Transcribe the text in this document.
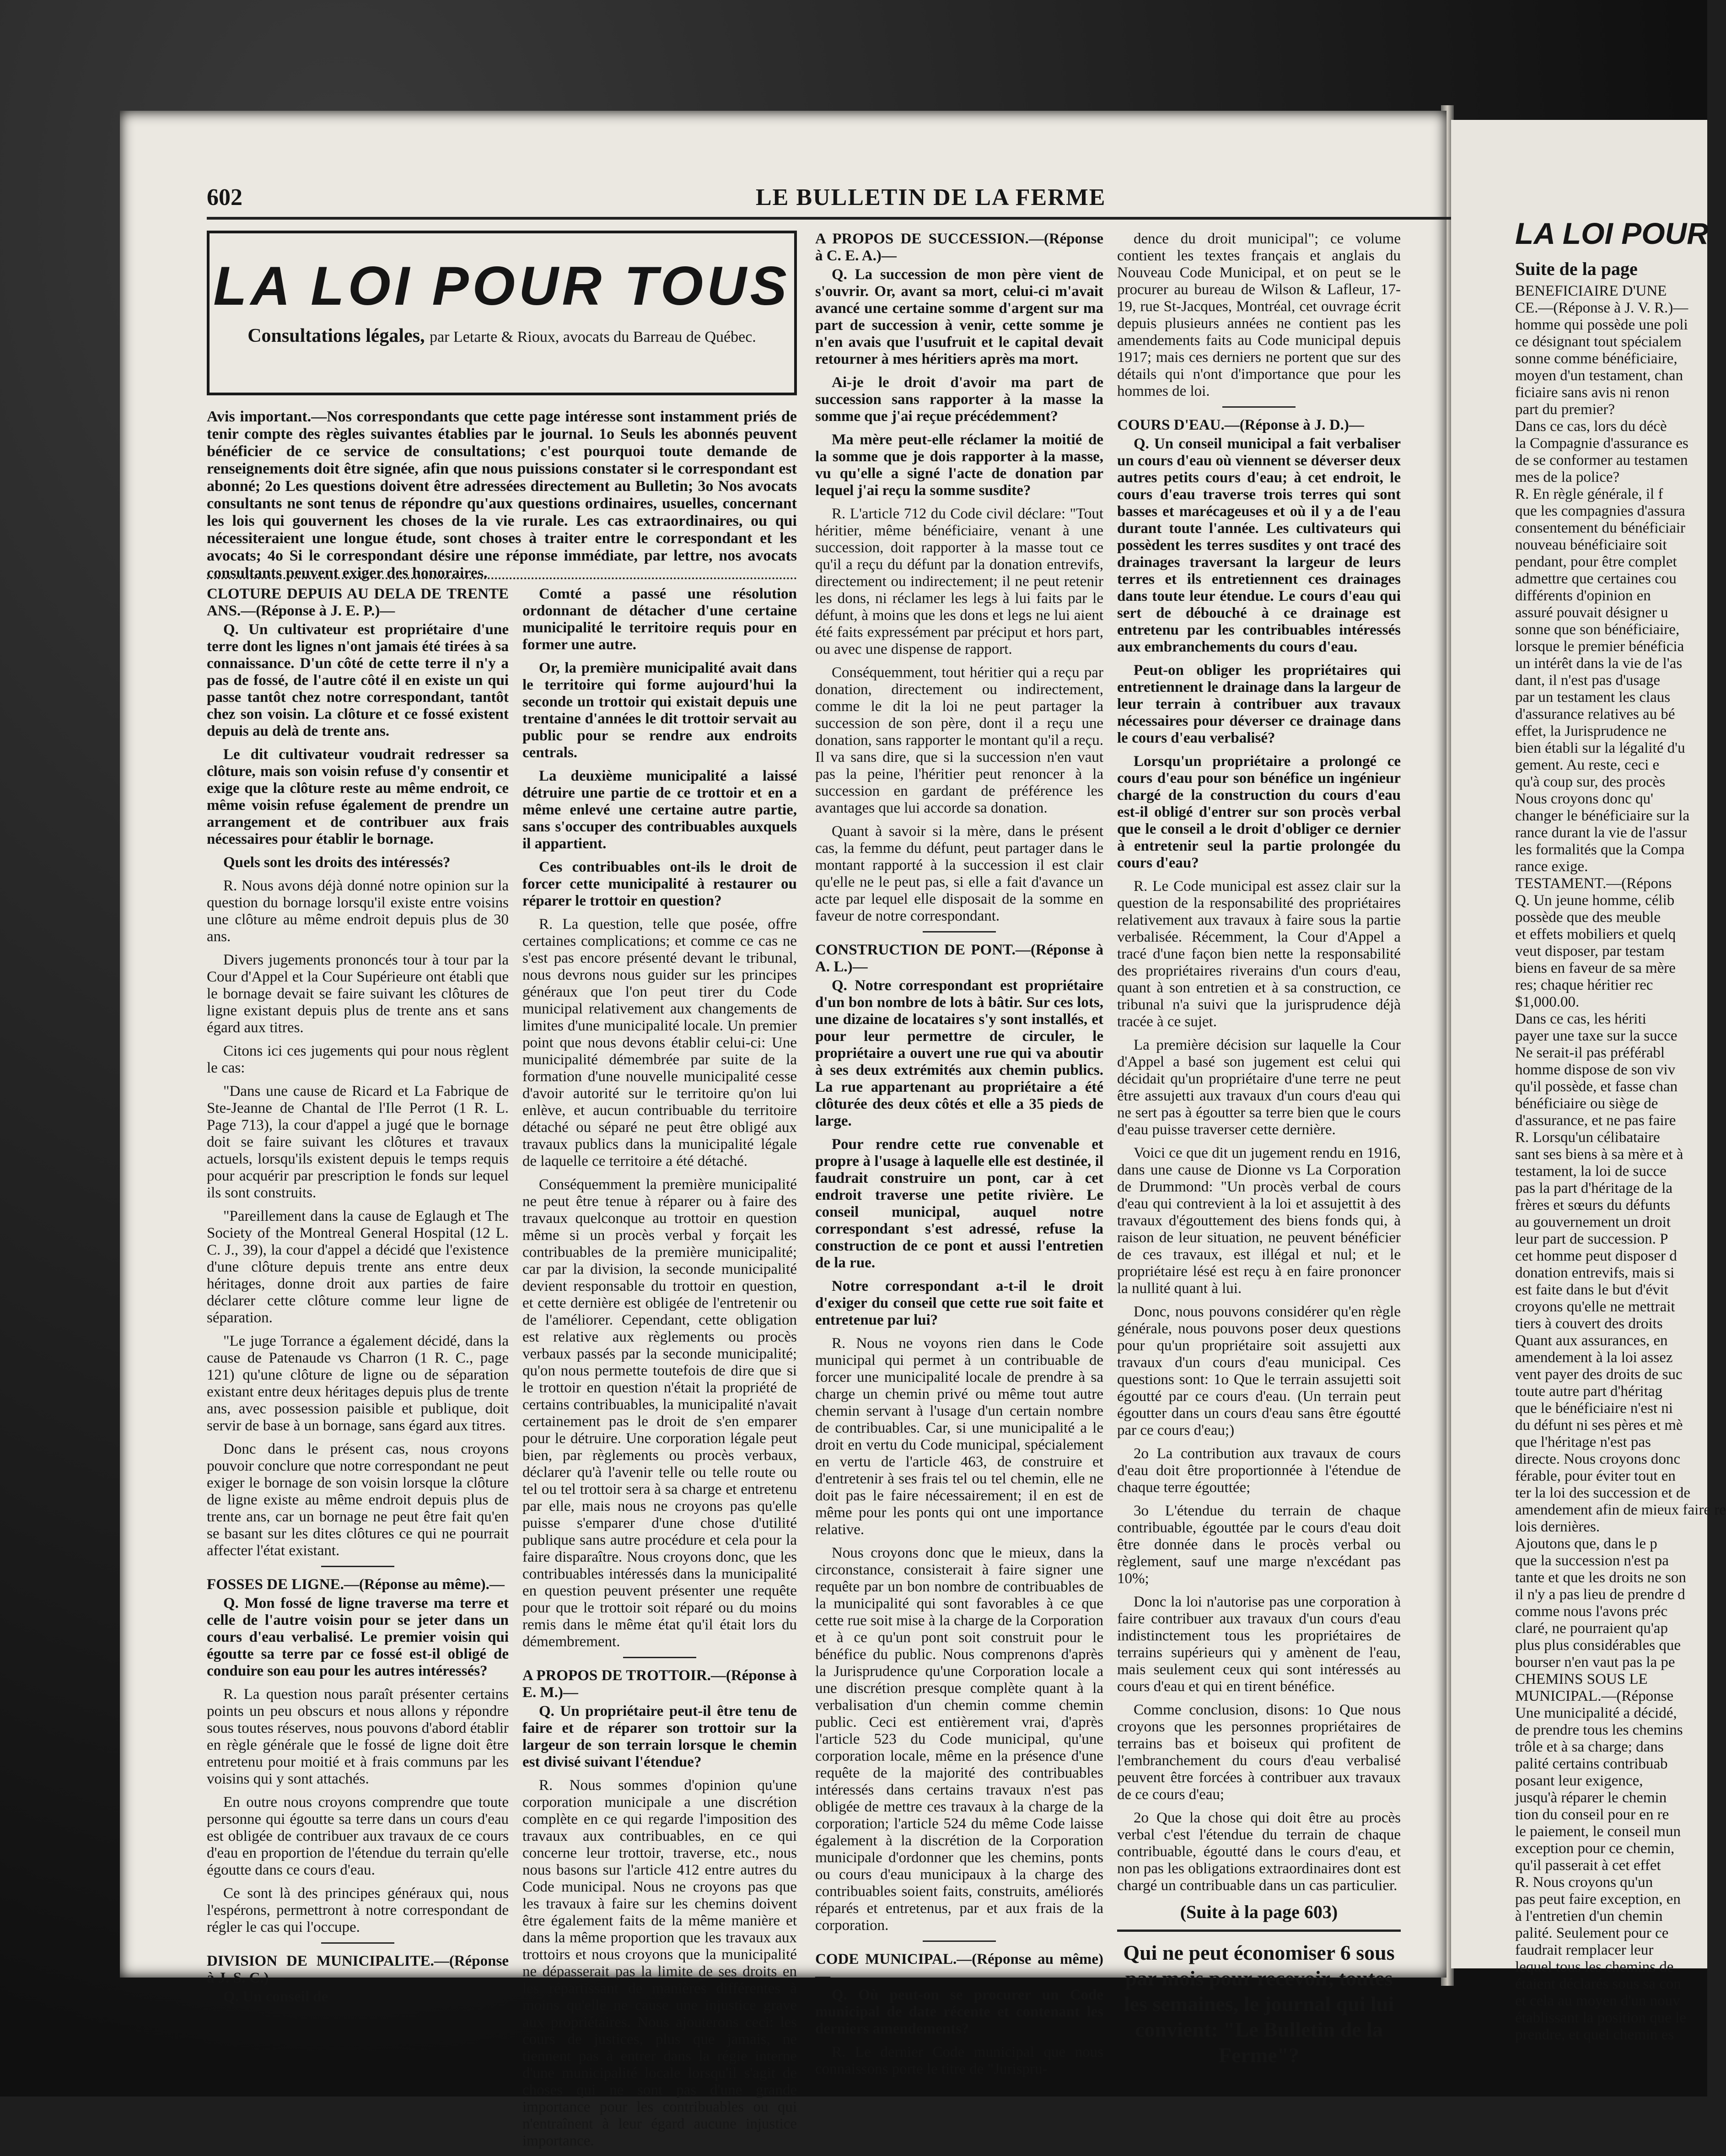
602	LE BULLETIN DE LA FERME
LA LOI POUR TOUS
Consultations légales, par Letarte & Rioux, avocats du Barreau de Québec.
Avis important.—Nos correspondants que cette page intéresse sont instamment priés de tenir compte des règles suivantes établies par le journal. 1o Seuls les abonnés peuvent bénéficier de ce service de consultations; c'est pourquoi toute demande de renseignements doit être signée, afin que nous puissions constater si le correspondant est abonné; 2o Les questions doivent être adressées directement au Bulletin; 3o Nos avocats consultants ne sont tenus de répondre qu'aux questions ordinaires, usuelles, concernant les lois qui gouvernent les choses de la vie rurale. Les cas extraordinaires, ou qui nécessiteraient une longue étude, sont choses à traiter entre le correspondant et les avocats; 4o Si le correspondant désire une réponse immédiate, par lettre, nos avocats consultants peuvent exiger des honoraires.
CLOTURE DEPUIS AU DELA DE TRENTE ANS.—(Réponse à J. E. P.)—

Q. Un cultivateur est propriétaire d'une terre dont les lignes n'ont jamais été tirées à sa connaissance. D'un côté de cette terre il n'y a pas de fossé, de l'autre côté il en existe un qui passe tantôt chez notre correspondant, tantôt chez son voisin. La clôture et ce fossé existent depuis au delà de trente ans.

Le dit cultivateur voudrait redresser sa clôture, mais son voisin refuse d'y consentir et exige que la clôture reste au même endroit, ce même voisin refuse également de prendre un arrangement et de contribuer aux frais nécessaires pour établir le bornage.

Quels sont les droits des intéressés?

R. Nous avons déjà donné notre opinion sur la question du bornage lorsqu'il existe entre voisins une clôture au même endroit depuis plus de 30 ans.

Divers jugements prononcés tour à tour par la Cour d'Appel et la Cour Supérieure ont établi que le bornage devait se faire suivant les clôtures de ligne existant depuis plus de trente ans et sans égard aux titres.

Citons ici ces jugements qui pour nous règlent le cas:

"Dans une cause de Ricard et La Fabrique de Ste-Jeanne de Chantal de l'Ile Perrot (1 R. L. Page 713), la cour d'appel a jugé que le bornage doit se faire suivant les clôtures et travaux actuels, lorsqu'ils existent depuis le temps requis pour acquérir par prescription le fonds sur lequel ils sont construits.

"Pareillement dans la cause de Eglaugh et The Society of the Montreal General Hospital (12 L. C. J., 39), la cour d'appel a décidé que l'existence d'une clôture depuis trente ans entre deux héritages, donne droit aux parties de faire déclarer cette clôture comme leur ligne de séparation.

"Le juge Torrance a également décidé, dans la cause de Patenaude vs Charron (1 R. C., page 121) qu'une clôture de ligne ou de séparation existant entre deux héritages depuis plus de trente ans, avec possession paisible et publique, doit servir de base à un bornage, sans égard aux titres.

Donc dans le présent cas, nous croyons pouvoir conclure que notre correspondant ne peut exiger le bornage de son voisin lorsque la clôture de ligne existe au même endroit depuis plus de trente ans, car un bornage ne peut être fait qu'en se basant sur les dites clôtures ce qui ne pourrait affecter l'état existant.

FOSSES DE LIGNE.—(Réponse au même).—

Q. Mon fossé de ligne traverse ma terre et celle de l'autre voisin pour se jeter dans un cours d'eau verbalisé. Le premier voisin qui égoutte sa terre par ce fossé est-il obligé de conduire son eau pour les autres intéressés?

R. La question nous paraît présenter certains points un peu obscurs et nous allons y répondre sous toutes réserves, nous pouvons d'abord établir en règle générale que le fossé de ligne doit être entretenu pour moitié et à frais communs par les voisins qui y sont attachés.

En outre nous croyons comprendre que toute personne qui égoutte sa terre dans un cours d'eau est obligée de contribuer aux travaux de ce cours d'eau en proportion de l'étendue du terrain qu'elle égoutte dans ce cours d'eau.

Ce sont là des principes généraux qui, nous l'espérons, permettront à notre correspondant de régler le cas qui l'occupe.

DIVISION DE MUNICIPALITE.—(Réponse à J. S. C.)—

Q. Un conseil de

Comté a passé une résolution ordonnant de détacher d'une certaine municipalité le territoire requis pour en former une autre.

Or, la première municipalité avait dans le territoire qui forme aujourd'hui la seconde un trottoir qui existait depuis une trentaine d'années le dit trottoir servait au public pour se rendre aux endroits centrals.

La deuxième municipalité a laissé détruire une partie de ce trottoir et en a même enlevé une certaine autre partie, sans s'occuper des contribuables auxquels il appartient.

Ces contribuables ont-ils le droit de forcer cette municipalité à restaurer ou réparer le trottoir en question?

R. La question, telle que posée, offre certaines complications; et comme ce cas ne s'est pas encore présenté devant le tribunal, nous devrons nous guider sur les principes généraux que l'on peut tirer du Code municipal relativement aux changements de limites d'une municipalité locale. Un premier point que nous devons établir celui-ci: Une municipalité démembrée par suite de la formation d'une nouvelle municipalité cesse d'avoir autorité sur le territoire qu'on lui enlève, et aucun contribuable du territoire détaché ou séparé ne peut être obligé aux travaux publics dans la municipalité légale de laquelle ce territoire a été détaché.

Conséquemment la première municipalité ne peut être tenue à réparer ou à faire des travaux quelconque au trottoir en question même si un procès verbal y forçait les contribuables de la première municipalité; car par la division, la seconde municipalité devient responsable du trottoir en question, et cette dernière est obligée de l'entretenir ou de l'améliorer. Cependant, cette obligation est relative aux règlements ou procès verbaux passés par la seconde municipalité; qu'on nous permette toutefois de dire que si le trottoir en question n'était la propriété de certains contribuables, la municipalité n'avait certainement pas le droit de s'en emparer pour le détruire. Une corporation légale peut bien, par règlements ou procès verbaux, déclarer qu'à l'avenir telle ou telle route ou tel ou tel trottoir sera à sa charge et entretenu par elle, mais nous ne croyons pas qu'elle puisse s'emparer d'une chose d'utilité publique sans autre procédure et cela pour la faire disparaître. Nous croyons donc, que les contribuables intéressés dans la municipalité en question peuvent présenter une requête pour que le trottoir soit réparé ou du moins remis dans le même état qu'il était lors du démembrement.

A PROPOS DE TROTTOIR.—(Réponse à E. M.)—

Q. Un propriétaire peut-il être tenu de faire et de réparer son trottoir sur la largeur de son terrain lorsque le chemin est divisé suivant l'étendue?

R. Nous sommes d'opinion qu'une corporation municipale a une discrétion complète en ce qui regarde l'imposition des travaux aux contribuables, en ce qui concerne leur trottoir, traverse, etc., nous nous basons sur l'article 412 entre autres du Code municipal. Nous ne croyons pas que les travaux à faire sur les chemins doivent être également faits de la même manière et dans la même proportion que les travaux aux trottoirs et nous croyons que la municipalité ne dépasserait pas la limite de ses droits en les répartissant de manières différentes à moins qu'elle ne cause une injustice grave aux propriétaires. Nous ajouterons ceci: les cours de justices, plus que jamais, ne tiennent pas à entrer dans la régie interne d'une municipalité locale lorsqu'il s'agit de choses qui ne sont pas d'une grande importance pour les contribuables ou qui n'entraînent à leur égard aucune injustice importance.

A PROPOS DE SUCCESSION.—(Réponse à C. E. A.)—

Q. La succession de mon père vient de s'ouvrir. Or, avant sa mort, celui-ci m'avait avancé une certaine somme d'argent sur ma part de succession à venir, cette somme je n'en avais que l'usufruit et le capital devait retourner à mes héritiers après ma mort.

Ai-je le droit d'avoir ma part de succession sans rapporter à la masse la somme que j'ai reçue précédemment?

Ma mère peut-elle réclamer la moitié de la somme que je dois rapporter à la masse, vu qu'elle a signé l'acte de donation par lequel j'ai reçu la somme susdite?

R. L'article 712 du Code civil déclare: "Tout héritier, même bénéficiaire, venant à une succession, doit rapporter à la masse tout ce qu'il a reçu du défunt par la donation entrevifs, directement ou indirectement; il ne peut retenir les dons, ni réclamer les legs à lui faits par le défunt, à moins que les dons et legs ne lui aient été faits expressément par préciput et hors part, ou avec une dispense de rapport.

Conséquemment, tout héritier qui a reçu par donation, directement ou indirectement, comme le dit la loi ne peut partager la succession de son père, dont il a reçu une donation, sans rapporter le montant qu'il a reçu. Il va sans dire, que si la succession n'en vaut pas la peine, l'héritier peut renoncer à la succession en gardant de préférence les avantages que lui accorde sa donation.

Quant à savoir si la mère, dans le présent cas, la femme du défunt, peut partager dans le montant rapporté à la succession il est clair qu'elle ne le peut pas, si elle a fait d'avance un acte par lequel elle disposait de la somme en faveur de notre correspondant.

CONSTRUCTION DE PONT.—(Réponse à A. L.)—

Q. Notre correspondant est propriétaire d'un bon nombre de lots à bâtir. Sur ces lots, une dizaine de locataires s'y sont installés, et pour leur permettre de circuler, le propriétaire a ouvert une rue qui va aboutir à ses deux extrémités aux chemin publics. La rue appartenant au propriétaire a été clôturée des deux côtés et elle a 35 pieds de large.

Pour rendre cette rue convenable et propre à l'usage à laquelle elle est destinée, il faudrait construire un pont, car à cet endroit traverse une petite rivière. Le conseil municipal, auquel notre correspondant s'est adressé, refuse la construction de ce pont et aussi l'entretien de la rue.

Notre correspondant a-t-il le droit d'exiger du conseil que cette rue soit faite et entretenue par lui?

R. Nous ne voyons rien dans le Code municipal qui permet à un contribuable de forcer une municipalité locale de prendre à sa charge un chemin privé ou même tout autre chemin servant à l'usage d'un certain nombre de contribuables. Car, si une municipalité a le droit en vertu du Code municipal, spécialement en vertu de l'article 463, de construire et d'entretenir à ses frais tel ou tel chemin, elle ne doit pas le faire nécessairement; il en est de même pour les ponts qui ont une importance relative.

Nous croyons donc que le mieux, dans la circonstance, consisterait à faire signer une requête par un bon nombre de contribuables de la municipalité qui sont favorables à ce que cette rue soit mise à la charge de la Corporation et à ce qu'un pont soit construit pour le bénéfice du public. Nous comprenons d'après la Jurisprudence qu'une Corporation locale a une discrétion presque complète quant à la verbalisation d'un chemin comme chemin public. Ceci est entièrement vrai, d'après l'article 523 du Code municipal, qu'une corporation locale, même en la présence d'une requête de la majorité des contribuables intéressés dans certains travaux n'est pas obligée de mettre ces travaux à la charge de la corporation; l'article 524 du même Code laisse également à la discrétion de la Corporation municipale d'ordonner que les chemins, ponts ou cours d'eau municipaux à la charge des contribuables soient faits, construits, améliorés réparés et entretenus, par et aux frais de la corporation.

CODE MUNICIPAL.—(Réponse au même)—

Q. Où peut-on se procurer un Code municipal de date récente et contenant les derniers amendements?

R. Le dernier Code municipal que nous connaissons porte le titre de "Jurispru-

dence du droit municipal"; ce volume contient les textes français et anglais du Nouveau Code Municipal, et on peut se le procurer au bureau de Wilson & Lafleur, 17-19, rue St-Jacques, Montréal, cet ouvrage écrit depuis plusieurs années ne contient pas les amendements faits au Code municipal depuis 1917; mais ces derniers ne portent que sur des détails qui n'ont d'importance que pour les hommes de loi.

COURS D'EAU.—(Réponse à J. D.)—

Q. Un conseil municipal a fait verbaliser un cours d'eau où viennent se déverser deux autres petits cours d'eau; à cet endroit, le cours d'eau traverse trois terres qui sont basses et marécageuses et où il y a de l'eau durant toute l'année. Les cultivateurs qui possèdent les terres susdites y ont tracé des drainages traversant la largeur de leurs terres et ils entretiennent ces drainages dans toute leur étendue. Le cours d'eau qui sert de débouché à ce drainage est entretenu par les contribuables intéressés aux embranchements du cours d'eau.

Peut-on obliger les propriétaires qui entretiennent le drainage dans la largeur de leur terrain à contribuer aux travaux nécessaires pour déverser ce drainage dans le cours d'eau verbalisé?

Lorsqu'un propriétaire a prolongé ce cours d'eau pour son bénéfice un ingénieur chargé de la construction du cours d'eau est-il obligé d'entrer sur son procès verbal que le conseil a le droit d'obliger ce dernier à entretenir seul la partie prolongée du cours d'eau?

R. Le Code municipal est assez clair sur la question de la responsabilité des propriétaires relativement aux travaux à faire sous la partie verbalisée. Récemment, la Cour d'Appel a tracé d'une façon bien nette la responsabilité des propriétaires riverains d'un cours d'eau, quant à son entretien et à sa construction, ce tribunal n'a suivi que la jurisprudence déjà tracée à ce sujet.

La première décision sur laquelle la Cour d'Appel a basé son jugement est celui qui décidait qu'un propriétaire d'une terre ne peut être assujetti aux travaux d'un cours d'eau qui ne sert pas à égoutter sa terre bien que le cours d'eau puisse traverser cette dernière.

Voici ce que dit un jugement rendu en 1916, dans une cause de Dionne vs La Corporation de Drummond: "Un procès verbal de cours d'eau qui contrevient à la loi et assujettit à des travaux d'égouttement des biens fonds qui, à raison de leur situation, ne peuvent bénéficier de ces travaux, est illégal et nul; et le propriétaire lésé est reçu à en faire prononcer la nullité quant à lui.

Donc, nous pouvons considérer qu'en règle générale, nous pouvons poser deux questions pour qu'un propriétaire soit assujetti aux travaux d'un cours d'eau municipal. Ces questions sont: 1o Que le terrain assujetti soit égoutté par ce cours d'eau. (Un terrain peut égoutter dans un cours d'eau sans être égoutté par ce cours d'eau;)

2o La contribution aux travaux de cours d'eau doit être proportionnée à l'étendue de chaque terre égouttée;

3o L'étendue du terrain de chaque contribuable, égouttée par le cours d'eau doit être donnée dans le procès verbal ou règlement, sauf une marge n'excédant pas 10%;

Donc la loi n'autorise pas une corporation à faire contribuer aux travaux d'un cours d'eau indistinctement tous les propriétaires de terrains supérieurs qui y amènent de l'eau, mais seulement ceux qui sont intéressés au cours d'eau et qui en tirent bénéfice.

Comme conclusion, disons: 1o Que nous croyons que les personnes propriétaires de terrains bas et boiseux qui profitent de l'embranchement du cours d'eau verbalisé peuvent être forcées à contribuer aux travaux de ce cours d'eau;

2o Que la chose qui doit être au procès verbal c'est l'étendue du terrain de chaque contribuable, égoutté dans le cours d'eau, et non pas les obligations extraordinaires dont est chargé un contribuable dans un cas particulier.

(Suite à la page 603)
Qui ne peut économiser 6 sous par mois pour recevoir, toutes les semaines, le journal qui lui convient: "Le Bulletin de la Ferme"?
LA LOI POUR
Suite de la page

BENEFICIAIRE D'UNE

CE.—(Réponse à J. V. R.)—

homme qui possède une poli

ce désignant tout spécialem

sonne comme bénéficiaire,

moyen d'un testament, chan

ficiaire sans avis ni renon

part du premier?

Dans ce cas, lors du décè

la Compagnie d'assurance es

de se conformer au testamen

mes de la police?

R. En règle générale, il f

que les compagnies d'assura

consentement du bénéficiair

nouveau bénéficiaire soit

pendant, pour être complet

admettre que certaines cou

différents d'opinion en

assuré pouvait désigner u

sonne que son bénéficiaire,

lorsque le premier bénéficia

un intérêt dans la vie de l'as

dant, il n'est pas d'usage

par un testament les claus

d'assurance relatives au bé

effet, la Jurisprudence ne

bien établi sur la légalité d'u

gement. Au reste, ceci e

qu'à coup sur, des procès

Nous croyons donc qu'

changer le bénéficiaire sur la

rance durant la vie de l'assur

les formalités que la Compa

rance exige.

TESTAMENT.—(Répons

Q. Un jeune homme, célib

possède que des meuble

et effets mobiliers et quelq

veut disposer, par testam

biens en faveur de sa mère

res; chaque héritier rec

$1,000.00.

Dans ce cas, les hériti

payer une taxe sur la succe

Ne serait-il pas préférabl

homme dispose de son viv

qu'il possède, et fasse chan

bénéficiaire ou siège de

d'assurance, et ne pas faire

R. Lorsqu'un célibataire

sant ses biens à sa mère et à

testament, la loi de succe

pas la part d'héritage de la

frères et sœurs du défunts

au gouvernement un droit

leur part de succession. P

cet homme peut disposer d

donation entrevifs, mais si

est faite dans le but d'évit

croyons qu'elle ne mettrait

tiers à couvert des droits

Quant aux assurances, en

amendement à la loi assez

vent payer des droits de suc

toute autre part d'héritag

que le bénéficiaire n'est ni

du défunt ni ses pères et mè

que l'héritage n'est pas

directe. Nous croyons donc

férable, pour éviter tout en

ter la loi des succession et de

amendement afin de mieux faire re

lois dernières.

Ajoutons que, dans le p

que la succession n'est pa

tante et que les droits ne son

il n'y a pas lieu de prendre d

comme nous l'avons préc

claré, ne pourraient qu'ap

plus plus considérables que

bourser n'en vaut pas la pe

CHEMINS SOUS LE

MUNICIPAL.—(Réponse

Une municipalité a décidé,

de prendre tous les chemins

trôle et à sa charge; dans

palité certains contribuab

posant leur exigence,

jusqu'à réparer le chemin

tion du conseil pour en re

le paiement, le conseil mun

exception pour ce chemin,

qu'il passerait à cet effet

R. Nous croyons qu'un

pas peut faire exception, en

à l'entretien d'un chemin

palité. Seulement pour ce

faudrait remplacer leur

lequel tous les chemins de

étaient déclarés sous sa con

et cela au moyen d'un nouv

établissant la position que le

prendre, et quel chemin es
